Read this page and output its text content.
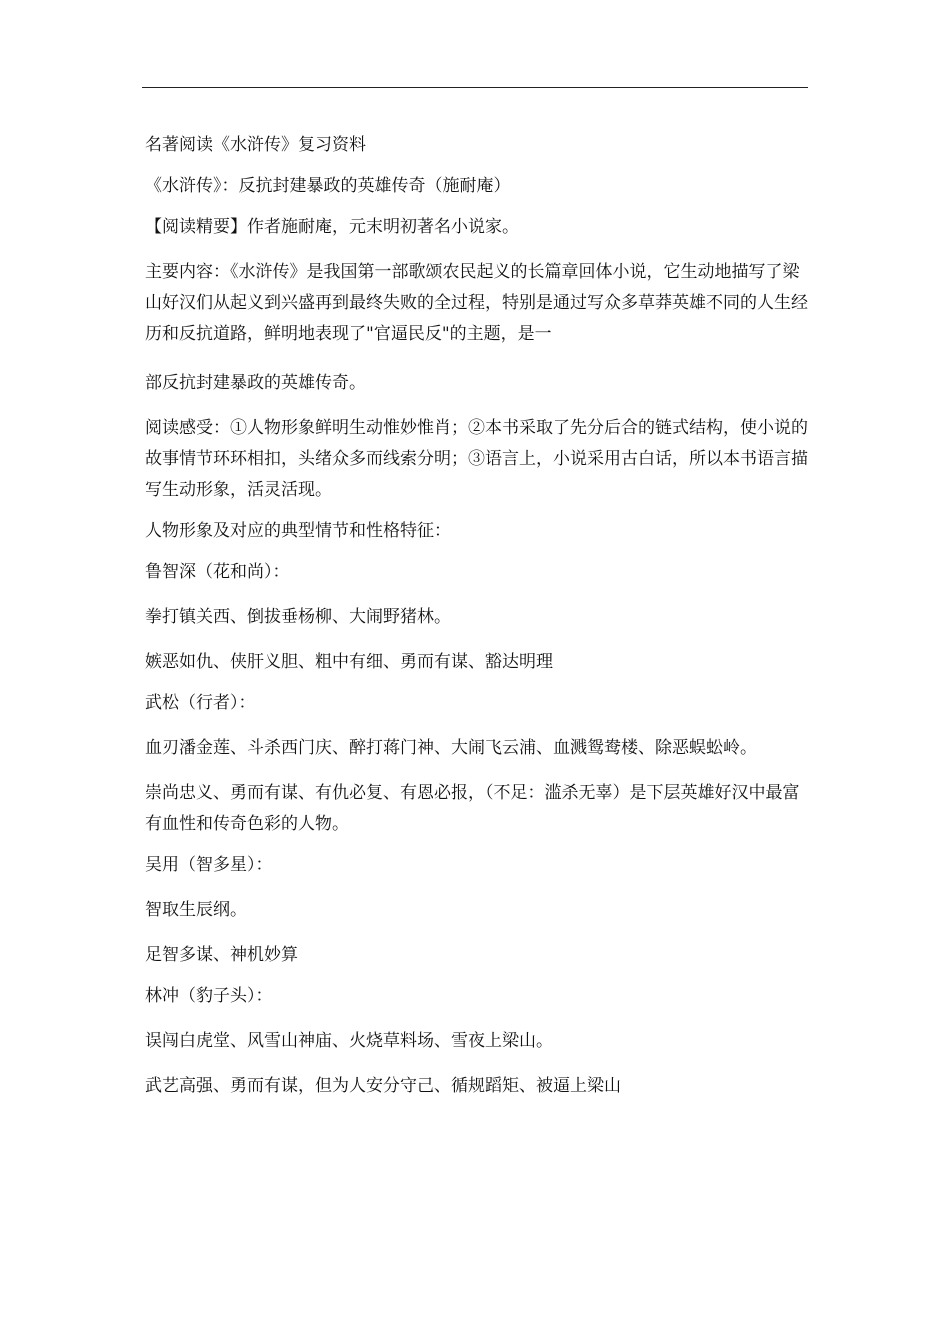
名著阅读《水浒传》复习资料

《水浒传》：反抗封建暴政的英雄传奇（施耐庵）

【阅读精要】作者施耐庵，元末明初著名小说家。

主要内容：《水浒传》是我国第一部歌颂农民起义的长篇章回体小说，它生动地描写了梁山好汉们从起义到兴盛再到最终失败的全过程，特别是通过写众多草莽英雄不同的人生经历和反抗道路，鲜明地表现了"官逼民反"的主题，是一

部反抗封建暴政的英雄传奇。

阅读感受：①人物形象鲜明生动惟妙惟肖；②本书采取了先分后合的链式结构，使小说的故事情节环环相扣，头绪众多而线索分明；③语言上，小说采用古白话，所以本书语言描写生动形象，活灵活现。

人物形象及对应的典型情节和性格特征：

鲁智深（花和尚）：

拳打镇关西、倒拔垂杨柳、大闹野猪林。

嫉恶如仇、侠肝义胆、粗中有细、勇而有谋、豁达明理

武松（行者）：

血刃潘金莲、斗杀西门庆、醉打蒋门神、大闹飞云浦、血溅鸳鸯楼、除恶蜈蚣岭。

崇尚忠义、勇而有谋、有仇必复、有恩必报，（不足：滥杀无辜）是下层英雄好汉中最富有血性和传奇色彩的人物。

吴用（智多星）：

智取生辰纲。

足智多谋、神机妙算

林冲（豹子头）：

误闯白虎堂、风雪山神庙、火烧草料场、雪夜上梁山。

武艺高强、勇而有谋，但为人安分守己、循规蹈矩、被逼上梁山
